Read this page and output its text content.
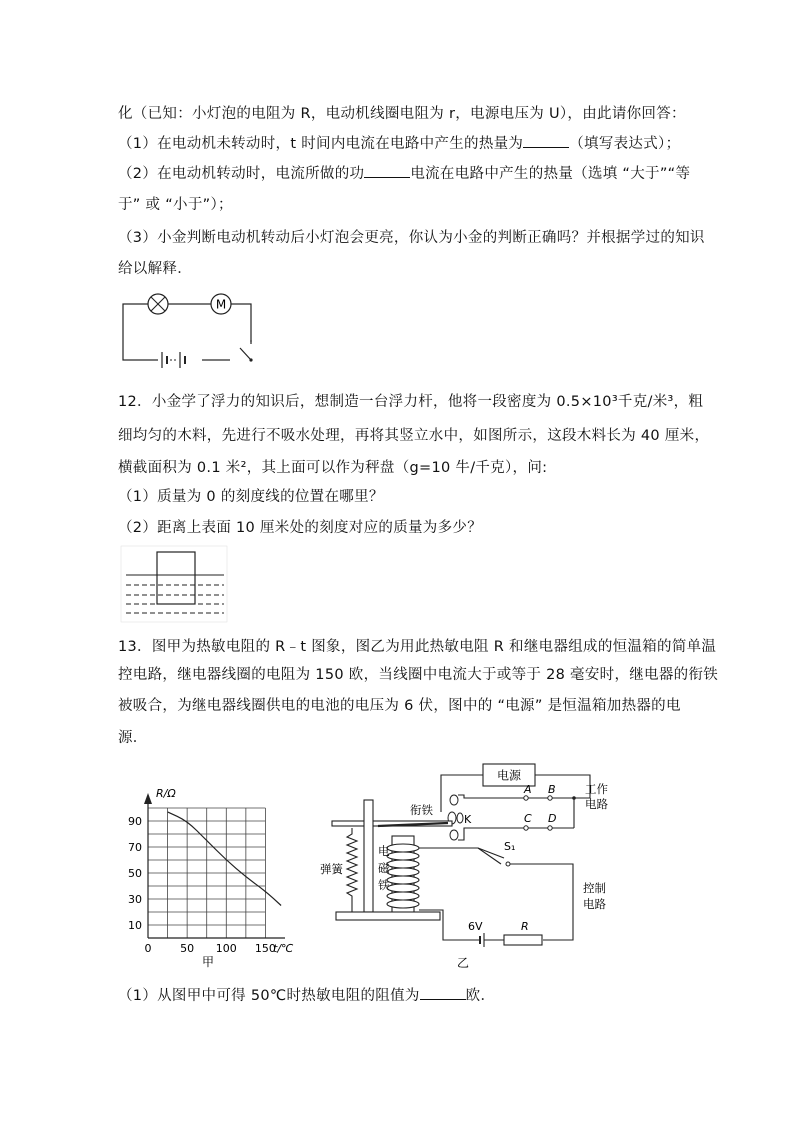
化（已知：小灯泡的电阻为 R，电动机线圈电阻为 r，电源电压为 U），由此请你回答：
（1）在电动机未转动时，t 时间内电流在电路中产生的热量为	（填写表达式）；
（2）在电动机转动时，电流所做的功	电流在电路中产生的热量（选填 “大于”“等
于” 或 “小于”）；
（3）小金判断电动机转动后小灯泡会更亮，你认为小金的判断正确吗？并根据学过的知识
给以解释．
M
12．小金学了浮力的知识后，想制造一台浮力杆，他将一段密度为 0.5×10³千克/米³，粗
细均匀的木料，先进行不吸水处理，再将其竖立水中，如图所示，这段木料长为 40 厘米，
横截面积为 0.1 米²，其上面可以作为秤盘（g=10 牛/千克），问:
（1）质量为 0 的刻度线的位置在哪里？
（2）距离上表面 10 厘米处的刻度对应的质量为多少？
13．图甲为热敏电阻的 R﹣t 图象，图乙为用此热敏电阻 R 和继电器组成的恒温箱的简单温
控电路，继电器线圈的电阻为 150 欧，当线圈中电流大于或等于 28 毫安时，继电器的衔铁
被吸合，为继电器线圈供电的电池的电压为 6 伏，图中的 “电源” 是恒温箱加热器的电
源．
R/Ω
t/℃
90
70
50
30
10
0	50 100 150
甲
电源
A B
C D
工作
电路
K
衔铁
弹簧
电
磁
铁
S₁
控制
电路
R
6V
乙
（1）从图甲中可得 50℃时热敏电阻的阻值为	欧．
